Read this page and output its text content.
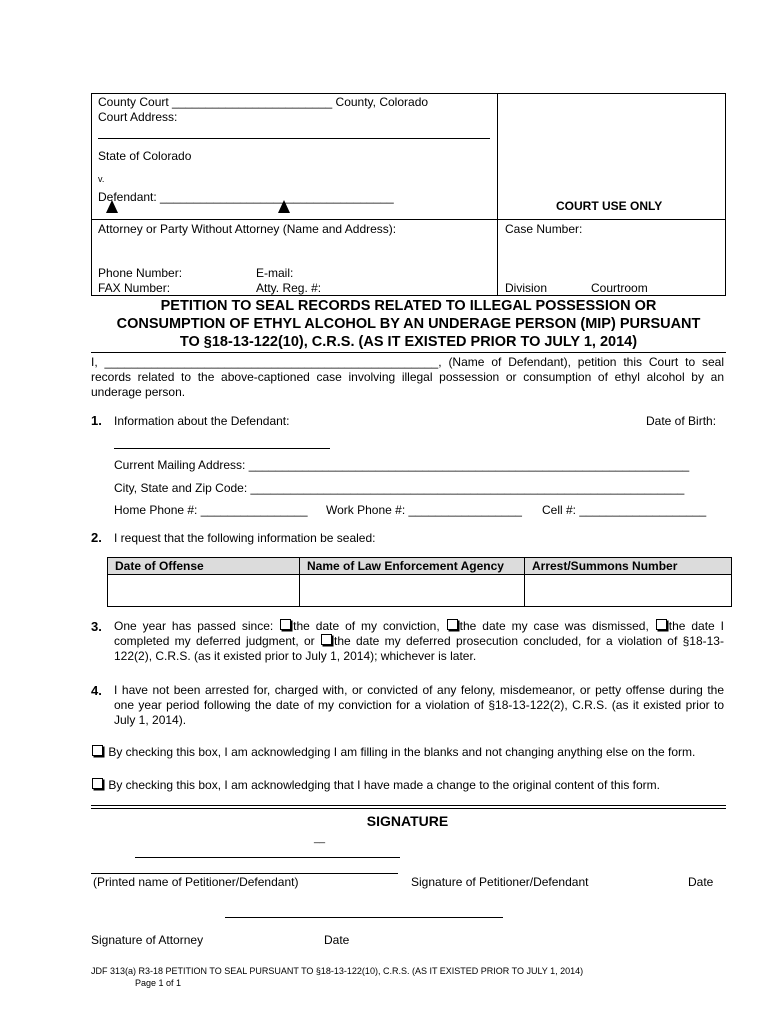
County Court ________________________ County, Colorado
Court Address:
State of Colorado
v.
Defendant: ___________________________________
COURT USE ONLY
Attorney or Party Without Attorney (Name and Address):	Case Number:
Phone Number:	E-mail:
FAX Number:	Atty. Reg. #:	Division	Courtroom
PETITION TO SEAL RECORDS RELATED TO ILLEGAL POSSESSION OR
CONSUMPTION OF ETHYL ALCOHOL BY AN UNDERAGE PERSON (MIP) PURSUANT
TO §18-13-122(10), C.R.S. (AS IT EXISTED PRIOR TO JULY 1, 2014)
I, __________________________________________________, (Name of Defendant), petition this Court to seal records related to the above-captioned case involving illegal possession or consumption of ethyl alcohol by an underage person.
1. Information about the Defendant:	Date of Birth:
Current Mailing Address: __________________________________________________________________
City, State and Zip Code: _________________________________________________________________
Home Phone #: ________________ Work Phone #: _________________ Cell #: ___________________
2. I request that the following information be sealed:
Date of Offense	Name of Law Enforcement Agency	Arrest/Summons Number

3. One year has passed since: the date of my conviction, the date my case was dismissed, the date I completed my deferred judgment, or the date my deferred prosecution concluded, for a violation of §18-13-122(2), C.R.S. (as it existed prior to July 1, 2014); whichever is later.
4. I have not been arrested for, charged with, or convicted of any felony, misdemeanor, or petty offense during the one year period following the date of my conviction for a violation of §18-13-122(2), C.R.S. (as it existed prior to July 1, 2014).
By checking this box, I am acknowledging I am filling in the blanks and not changing anything else on the form.
By checking this box, I am acknowledging that I have made a change to the original content of this form.
SIGNATURE
__
(Printed name of Petitioner/Defendant)	Signature of Petitioner/Defendant	Date
Signature of Attorney	Date
JDF 313(a) R3-18 PETITION TO SEAL PURSUANT TO §18-13-122(10), C.R.S. (AS IT EXISTED PRIOR TO JULY 1, 2014)
Page 1 of 1
